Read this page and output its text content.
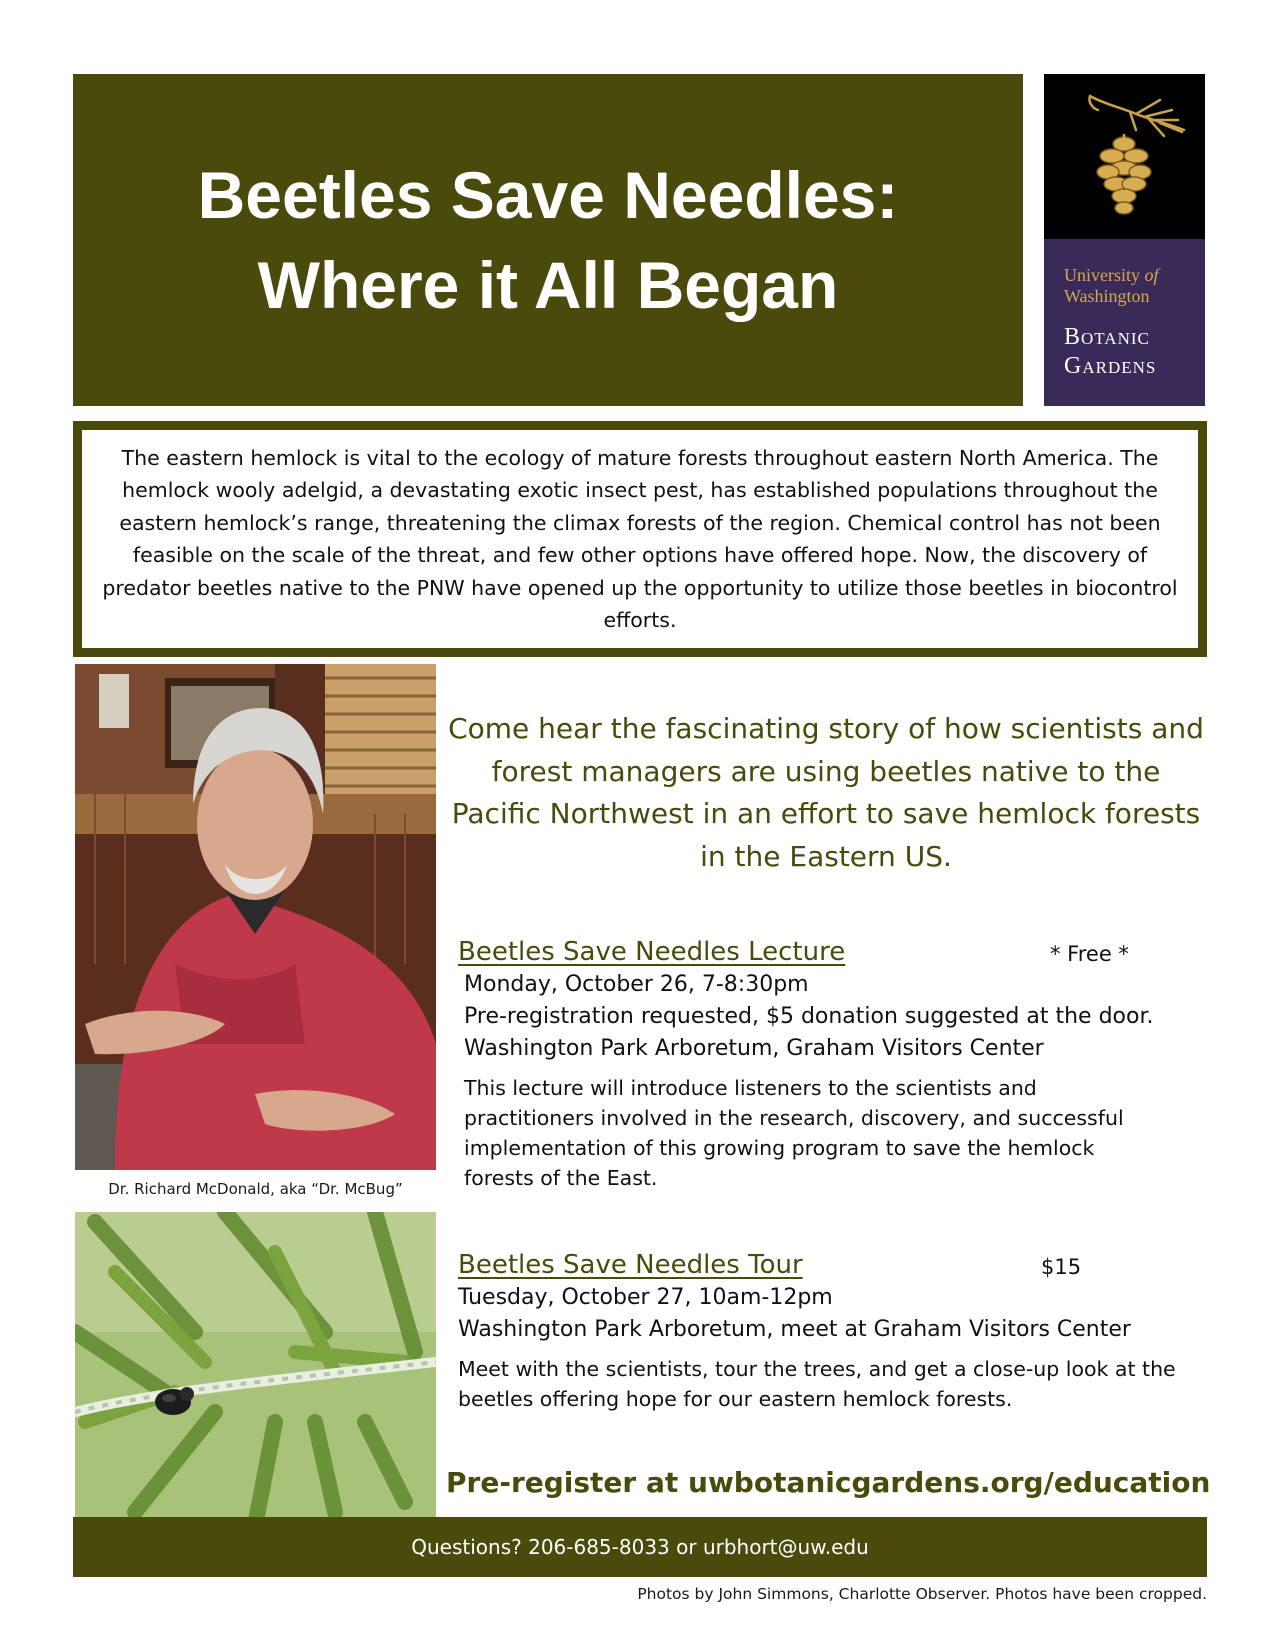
Beetles Save Needles:
Where it All Began	University of
Washington
Botanic
Gardens

The eastern hemlock is vital to the ecology of mature forests throughout eastern North America. The hemlock wooly adelgid, a devastating exotic insect pest, has established populations throughout the eastern hemlock’s range, threatening the climax forests of the region. Chemical control has not been feasible on the scale of the threat, and few other options have offered hope. Now, the discovery of predator beetles native to the PNW have opened up the opportunity to utilize those beetles in biocontrol efforts.

Dr. Richard McDonald, aka “Dr. McBug”
Come hear the fascinating story of how scientists and forest managers are using beetles native to the Pacific Northwest in an effort to save hemlock forests in the Eastern US.
Beetles Save Needles Lecture	* Free *
Monday, October 26, 7-8:30pm
Pre-registration requested, $5 donation suggested at the door.
Washington Park Arboretum, Graham Visitors Center
This lecture will introduce listeners to the scientists and practitioners involved in the research, discovery, and successful implementation of this growing program to save the hemlock forests of the East.
Beetles Save Needles Tour	$15
Tuesday, October 27, 10am-12pm
Washington Park Arboretum, meet at Graham Visitors Center
Meet with the scientists, tour the trees, and get a close-up look at the beetles offering hope for our eastern hemlock forests.
Pre-register at uwbotanicgardens.org/education
Questions? 206-685-8033 or urbhort@uw.edu
Photos by John Simmons, Charlotte Observer. Photos have been cropped.
